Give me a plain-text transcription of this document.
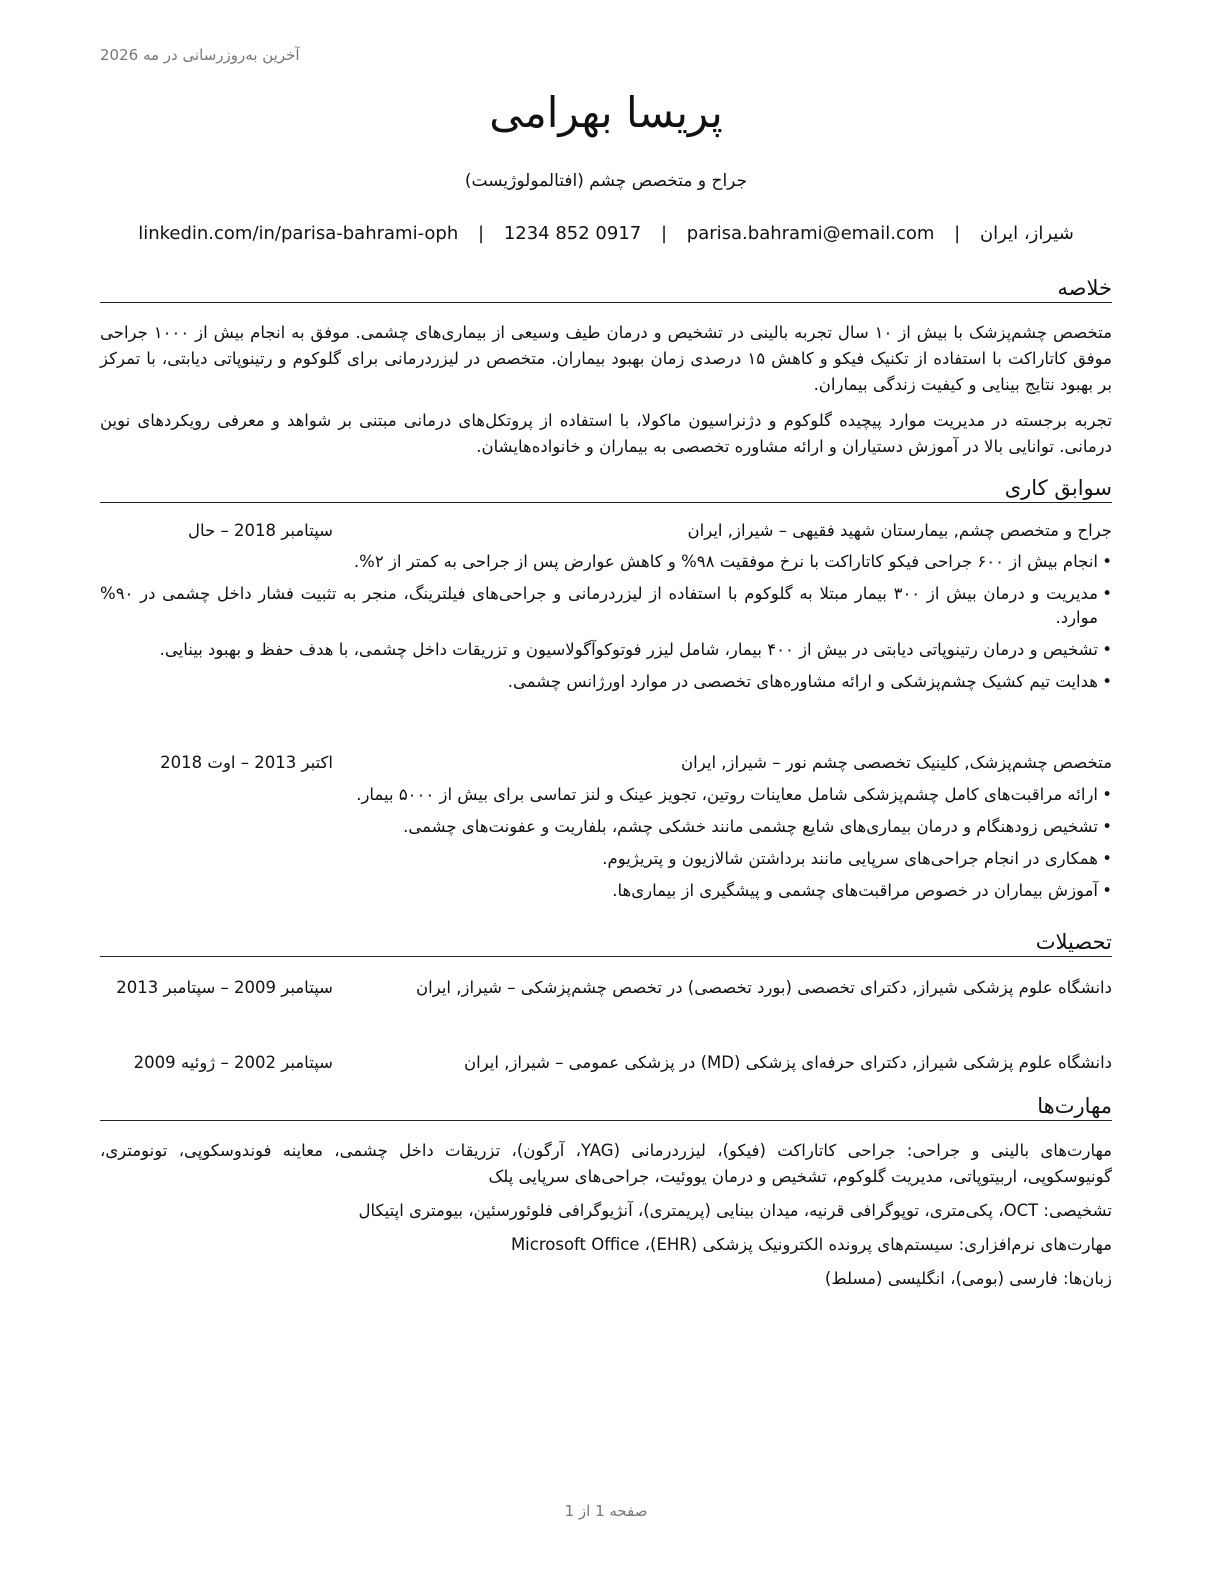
آخرین به‌روزرسانی در مه 2026
پریسا بهرامی
جراح و متخصص چشم (افتالمولوژیست)
linkedin.com/in/parisa-bahrami-oph | 1234 852 0917 | parisa.bahrami@email.com | شیراز، ایران
خلاصه
متخصص چشم‌پزشک با بیش از ۱۰ سال تجربه بالینی در تشخیص و درمان طیف وسیعی از بیماری‌های چشمی. موفق به انجام بیش از ۱۰۰۰ جراحی موفق کاتاراکت با استفاده از تکنیک فیکو و کاهش ۱۵ درصدی زمان بهبود بیماران. متخصص در لیزردرمانی برای گلوکوم و رتینوپاتی دیابتی، با تمرکز بر بهبود نتایج بینایی و کیفیت زندگی بیماران.
تجربه برجسته در مدیریت موارد پیچیده گلوکوم و دژنراسیون ماکولا، با استفاده از پروتکل‌های درمانی مبتنی بر شواهد و معرفی رویکردهای نوین درمانی. توانایی بالا در آموزش دستیاران و ارائه مشاوره تخصصی به بیماران و خانواده‌هایشان.
سوابق کاری
جراح و متخصص چشم, بیمارستان شهید فقیهی – شیراز, ایران
سپتامبر 2018 – حال
• انجام بیش از ۶۰۰ جراحی فیکو کاتاراکت با نرخ موفقیت ۹۸% و کاهش عوارض پس از جراحی به کمتر از ۲%.
• مدیریت و درمان بیش از ۳۰۰ بیمار مبتلا به گلوکوم با استفاده از لیزردرمانی و جراحی‌های فیلترینگ، منجر به تثبیت فشار داخل چشمی در ۹۰% موارد.
• تشخیص و درمان رتینوپاتی دیابتی در بیش از ۴۰۰ بیمار، شامل لیزر فوتوکوآگولاسیون و تزریقات داخل چشمی، با هدف حفظ و بهبود بینایی.
• هدایت تیم کشیک چشم‌پزشکی و ارائه مشاوره‌های تخصصی در موارد اورژانس چشمی.
متخصص چشم‌پزشک, کلینیک تخصصی چشم نور – شیراز, ایران
اکتبر 2013 – اوت 2018
• ارائه مراقبت‌های کامل چشم‌پزشکی شامل معاینات روتین، تجویز عینک و لنز تماسی برای بیش از ۵۰۰۰ بیمار.
• تشخیص زودهنگام و درمان بیماری‌های شایع چشمی مانند خشکی چشم، بلفاریت و عفونت‌های چشمی.
• همکاری در انجام جراحی‌های سرپایی مانند برداشتن شالازیون و پتریژیوم.
• آموزش بیماران در خصوص مراقبت‌های چشمی و پیشگیری از بیماری‌ها.
تحصیلات
دانشگاه علوم پزشکی شیراز, دکترای تخصصی (بورد تخصصی) در تخصص چشم‌پزشکی – شیراز, ایران
سپتامبر 2009 – سپتامبر 2013
دانشگاه علوم پزشکی شیراز, دکترای حرفه‌ای پزشکی (MD) در پزشکی عمومی – شیراز, ایران
سپتامبر 2002 – ژوئیه 2009
مهارت‌ها
مهارت‌های بالینی و جراحی: جراحی کاتاراکت (فیکو)، لیزردرمانی (YAG، آرگون)، تزریقات داخل چشمی، معاینه فوندوسکوپی، تونومتری، گونیوسکوپی، اربیتوپاتی، مدیریت گلوکوم، تشخیص و درمان یووئیت، جراحی‌های سرپایی پلک
تشخیصی: OCT، پکی‌متری، توپوگرافی قرنیه، میدان بینایی (پریمتری)، آنژیوگرافی فلوئورسئین، بیومتری اپتیکال
مهارت‌های نرم‌افزاری: سیستم‌های پرونده الکترونیک پزشکی (EHR)، Microsoft Office
زبان‌ها: فارسی (بومی)، انگلیسی (مسلط)
صفحه 1 از 1
